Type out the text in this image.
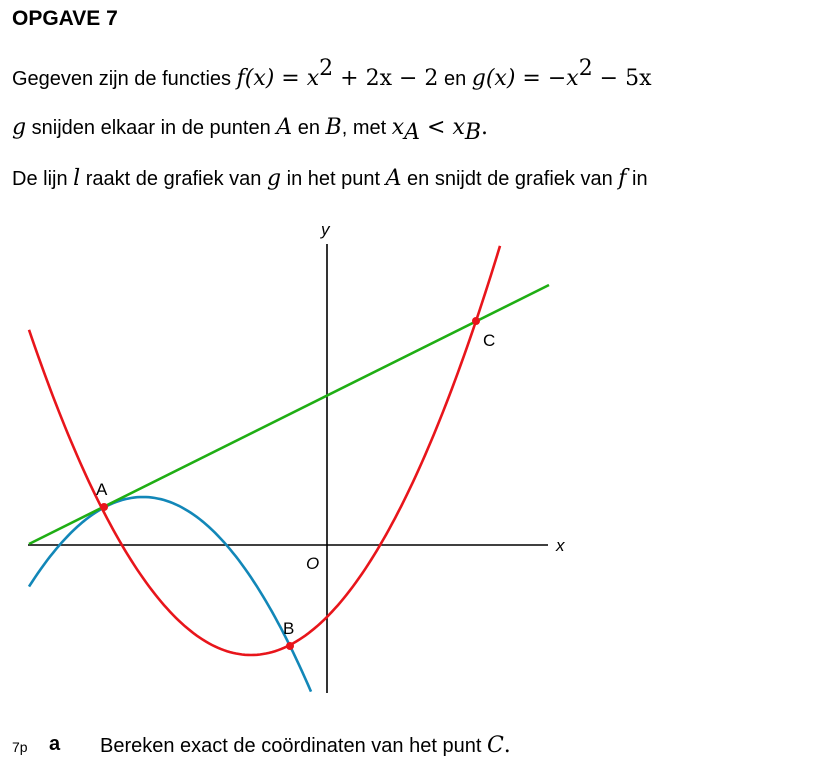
OPGAVE 7
Gegeven zijn de functies $f(x) = x^2 + 2x - 2$ en $g(x) = -x^2 - 5x$
g snijden elkaar in de punten A en B, met $x_A < x_B$.
De lijn l raakt de grafiek van g in het punt A en snijdt de grafiek van f in
x
y
O
A
B
C
7p a Bereken exact de coördinaten van het punt C.
